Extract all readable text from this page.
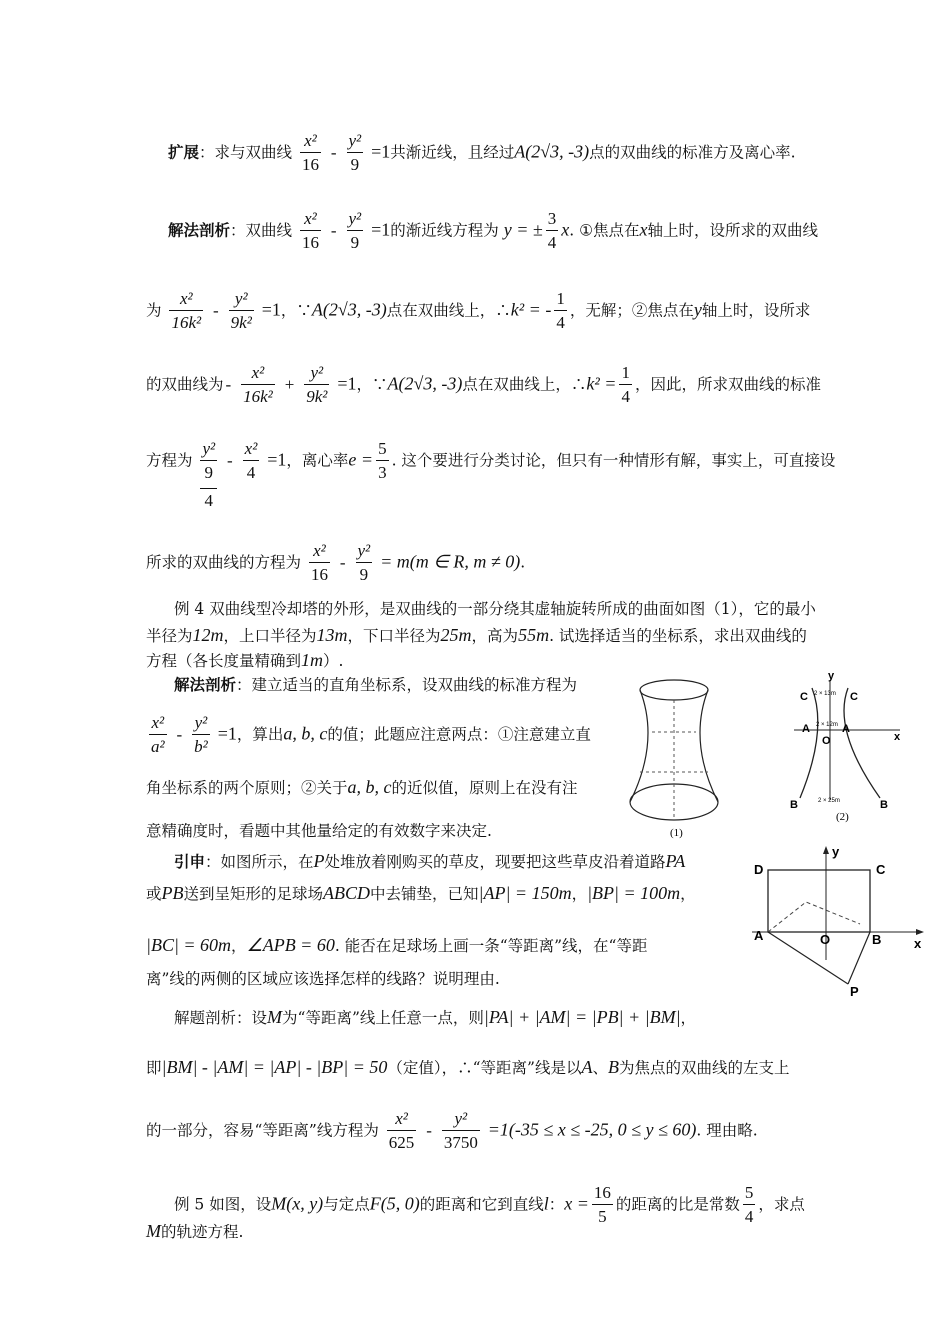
扩展：求与双曲线 $\frac{\text{x²}}{16} - \frac{\text{y²}}{9} =1$共渐近线，且经过A(2√3, -3)点的双曲线的标准方及离心率.
解法剖析：双曲线 $\frac{\text{x²}}{16} - \frac{\text{y²}}{9} =1$的渐近线方程为 y = ± $\frac{3}{4} x$. ①焦点在x轴上时，设所求的双曲线
为 $\frac{\text{x²}}{\text{16k²}} - \frac{\text{y²}}{\text{9k²}} =1$，∵A(2√3, -3)点在双曲线上，∴k² = - $\frac{1}{4}$ ，无解；②焦点在y轴上时，设所求
的双曲线为 - $\frac{\text{x²}}{\text{16k²}} + \frac{\text{y²}}{\text{9k²}} =1$，∵A(2√3, -3)点在双曲线上，∴k² = $\frac{1}{4}$ ，因此，所求双曲线的标准
方程为
y²
9
4
- $\frac{\text{x²}}{4} =1$，离心率$e = \frac{5}{3}$ . 这个要进行分类讨论，但只有一种情形有解，事实上，可直接设
所求的双曲线的方程为 $\frac{\text{x²}}{16} - \frac{\text{y²}}{9} = m(m$ ∈ R, m ≠ 0).
例 4 双曲线型冷却塔的外形，是双曲线的一部分绕其虚轴旋转所成的曲面如图（1），它的最小
半径为12m，上口半径为13m，下口半径为25m，高为55m. 试选择适当的坐标系，求出双曲线的
方程（各长度量精确到1m）.
解法剖析：建立适当的直角坐标系，设双曲线的标准方程为
$\frac{\text{x²}}{\text{a²}} - \frac{\text{y²}}{\text{b²}} =1$，算出a, b, c的值；此题应注意两点：①注意建立直
角坐标系的两个原则；②关于a, b, c的近似值，原则上在没有注
意精确度时，看题中其他量给定的有效数字来决定.	(1)
y
x
C	C
A	A
O
B	B
2 × 13m
2 × 12m
2 × 25m
(2)
引申：如图所示，在P处堆放着刚购买的草皮，现要把这些草皮沿着道路PA
或PB送到呈矩形的足球场ABCD中去铺垫，已知|AP| = 150m，|BP| = 100m，
|BC| = 60m，∠APB = 60. 能否在足球场上画一条“等距离”线，在“等距
离”线的两侧的区域应该选择怎样的线路？说明理由.
y
D	C
A	O	B	x
P
解题剖析：设M为“等距离”线上任意一点，则|PA| + |AM| = |PB| + |BM|，
即|BM| - |AM| = |AP| - |BP| = 50（定值），∴“等距离”线是以A、B为焦点的双曲线的左支上
的一部分，容易“等距离”线方程为 $\frac{\text{x²}}{625} - \frac{\text{y²}}{3750} =1(-35 \le x \le -25$, 0 ≤ y ≤ 60). 理由略.
例 5 如图，设M(x, y)与定点F(5, 0)的距离和它到直线l：$x = \frac{16}{5}$ 的距离的比是常数 $\frac{5}{4}$ ，求点
M的轨迹方程.
